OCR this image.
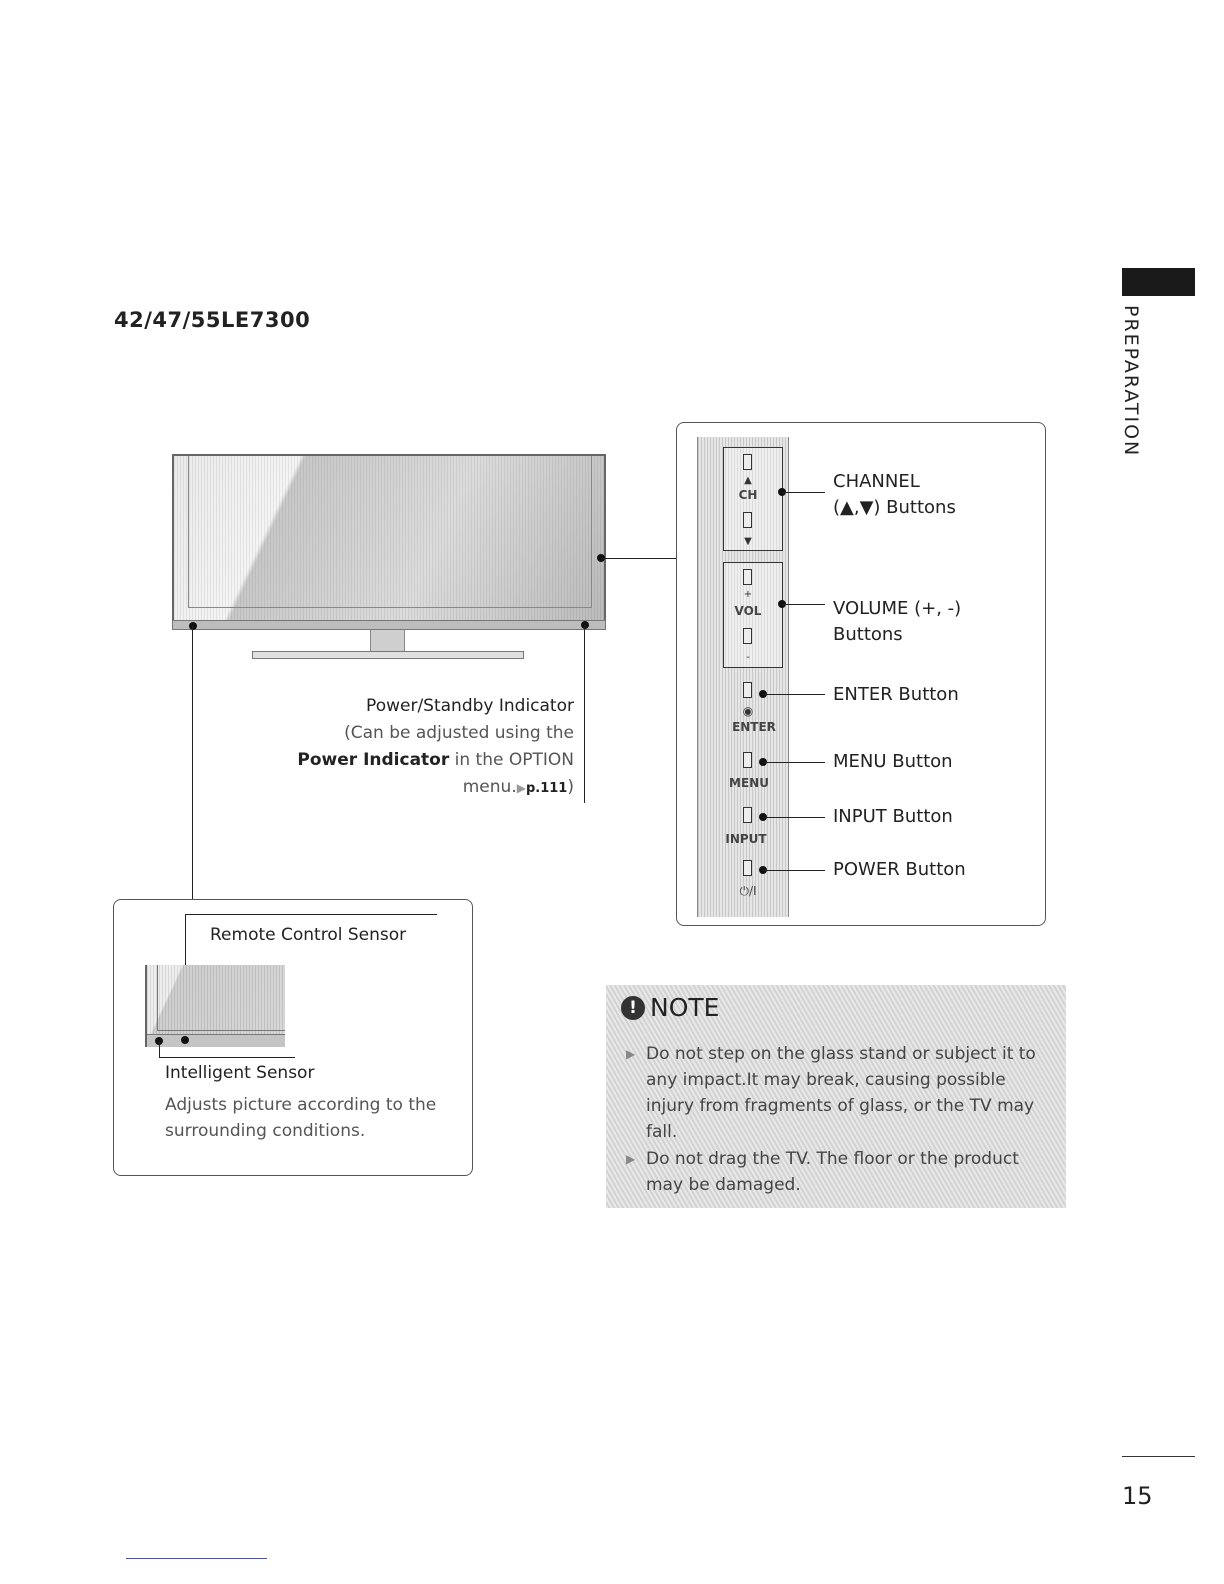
42/47/55LE7300	PREPARATION
15
Power/Standby Indicator
(Can be adjusted using the
Power Indicator in the OPTION
menu.▶p.111)
Remote Control Sensor
Intelligent Sensor
Adjusts picture according to the surrounding conditions.
▲
CH
▼
+
VOL
-
◉
ENTER
MENU
INPUT
⏻/I
CHANNEL
(▲,▼) Buttons
VOLUME (+, -)
Buttons
ENTER Button
MENU Button
INPUT Button
POWER Button
! NOTE
▶ Do not step on the glass stand or subject it to any impact.It may break, causing possible injury from fragments of glass, or the TV may fall.
▶ Do not drag the TV. The floor or the product may be damaged.
